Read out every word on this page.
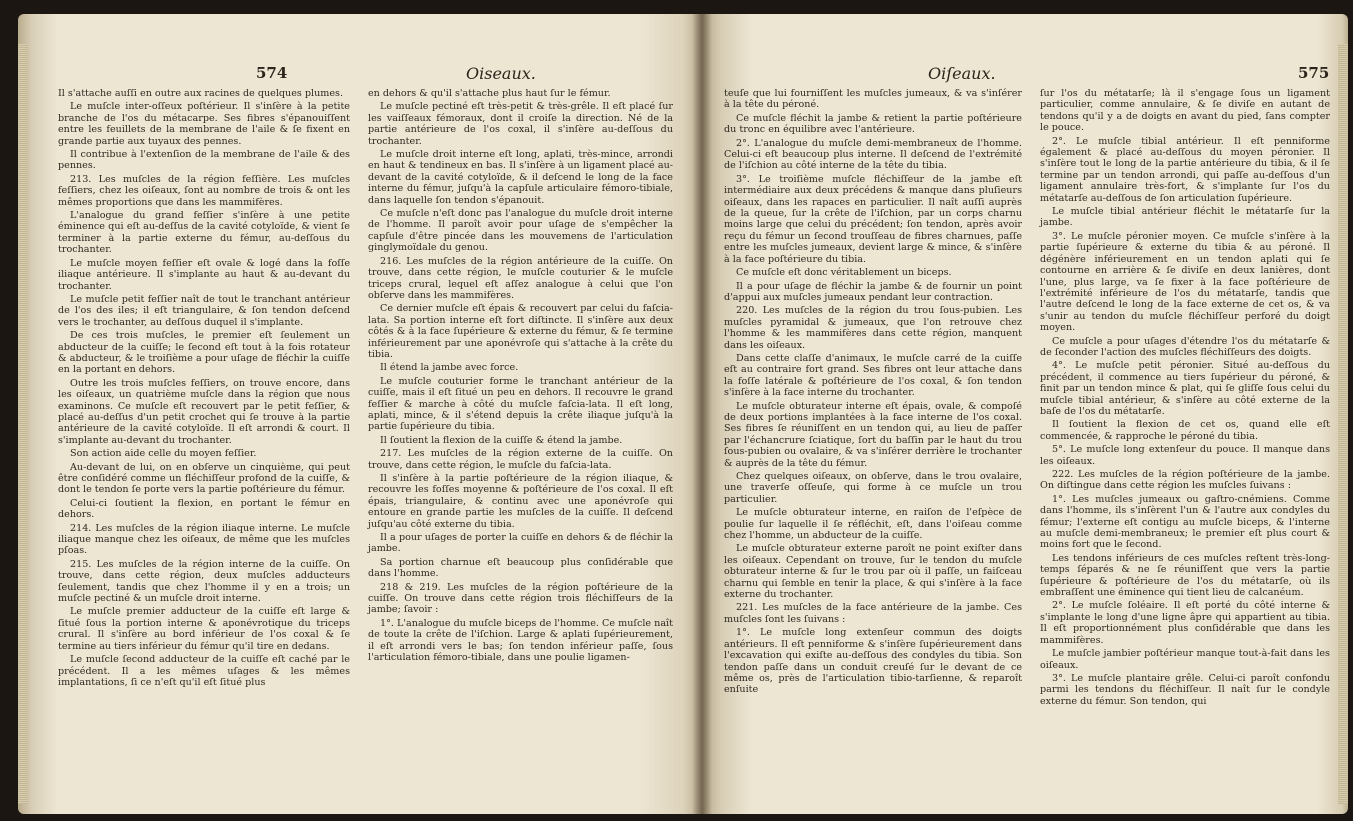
574	Oiseaux.

Il s'attache auſſi en outre aux racines de quelques plumes.

Le muſcle inter-oſſeux poſtérieur. Il s'inſère à la petite branche de l'os du métacarpe. Ses fibres s'épanouiſſent entre les feuillets de la membrane de l'aile & ſe fixent en grande partie aux tuyaux des pennes.

Il contribue à l'extenſion de la membrane de l'aile & des pennes.

213. Les muſcles de la région feſſière. Les muſcles feſſiers, chez les oiſeaux, ſont au nombre de trois & ont les mêmes proportions que dans les mammifères.

L'analogue du grand feſſier s'inſère à une petite éminence qui eſt au-deſſus de la cavité cotyloïde, & vient ſe terminer à la partie externe du fémur, au-deſſous du trochanter.

Le muſcle moyen feſſier eſt ovale & logé dans la foſſe iliaque antérieure. Il s'implante au haut & au-devant du trochanter.

Le muſcle petit feſſier naît de tout le tranchant antérieur de l'os des iles; il eſt triangulaire, & ſon tendon deſcend vers le trochanter, au deſſous duquel il s'implante.

De ces trois muſcles, le premier eſt ſeulement un abducteur de la cuiſſe; le ſecond eſt tout à la fois rotateur & abducteur, & le troiſième a pour uſage de fléchir la cuiſſe en la portant en dehors.

Outre les trois muſcles feſſiers, on trouve encore, dans les oiſeaux, un quatrième muſcle dans la région que nous examinons. Ce muſcle eſt recouvert par le petit feſſier, & placé au-deſſus d'un petit crochet qui ſe trouve à la partie antérieure de la cavité cotyloïde. Il eſt arrondi & court. Il s'implante au-devant du trochanter.

Son action aide celle du moyen feſſier.

Au-devant de lui, on en obſerve un cinquième, qui peut être conſidéré comme un fléchiſſeur profond de la cuiſſe, & dont le tendon ſe porte vers la partie poſtérieure du fémur.

Celui-ci ſoutient la flexion, en portant le fémur en dehors.

214. Les muſcles de la région iliaque interne. Le muſcle iliaque manque chez les oiſeaux, de même que les muſcles pſoas.

215. Les muſcles de la région interne de la cuiſſe. On trouve, dans cette région, deux muſcles adducteurs ſeulement, tandis que chez l'homme il y en a trois; un muſcle pectiné & un muſcle droit interne.

Le muſcle premier adducteur de la cuiſſe eſt large & ſitué ſous la portion interne & aponévrotique du triceps crural. Il s'inſère au bord inférieur de l'os coxal & ſe termine au tiers inférieur du fémur qu'il tire en dedans.

Le muſcle ſecond adducteur de la cuiſſe eſt caché par le précédent. Il a les mêmes uſages & les mêmes implantations, ſi ce n'eſt qu'il eſt ſitué plus

en dehors & qu'il s'attache plus haut ſur le fémur.

Le muſcle pectiné eſt très-petit & très-grêle. Il eſt placé ſur les vaiſſeaux fémoraux, dont il croiſe la direction. Né de la partie antérieure de l'os coxal, il s'inſère au-deſſous du trochanter.

Le muſcle droit interne eſt long, aplati, très-mince, arrondi en haut & tendineux en bas. Il s'inſère à un ligament placé au-devant de la cavité cotyloïde, & il deſcend le long de la face interne du fémur, juſqu'à la capſule articulaire fémoro-tibiale, dans laquelle ſon tendon s'épanouit.

Ce muſcle n'eſt donc pas l'analogue du muſcle droit interne de l'homme. Il paroît avoir pour uſage de s'empêcher la capſule d'être pincée dans les mouvemens de l'articulation ginglymoïdale du genou.

216. Les muſcles de la région antérieure de la cuiſſe. On trouve, dans cette région, le muſcle couturier & le muſcle triceps crural, lequel eſt aſſez analogue à celui que l'on obſerve dans les mammifères.

Ce dernier muſcle eſt épais & recouvert par celui du faſcia-lata. Sa portion interne eſt fort diſtincte. Il s'inſère aux deux côtés & à la face ſupérieure & externe du fémur, & ſe termine inférieurement par une aponévroſe qui s'attache à la crête du tibia.

Il étend la jambe avec force.

Le muſcle couturier forme le tranchant antérieur de la cuiſſe, mais il eſt ſitué un peu en dehors. Il recouvre le grand feſſier & marche à côté du muſcle faſcia-lata. Il eſt long, aplati, mince, & il s'étend depuis la crête iliaque juſqu'à la partie ſupérieure du tibia.

Il ſoutient la flexion de la cuiſſe & étend la jambe.

217. Les muſcles de la région externe de la cuiſſe. On trouve, dans cette région, le muſcle du faſcia-lata.

Il s'inſère à la partie poſtérieure de la région iliaque, & recouvre les foſſes moyenne & poſtérieure de l'os coxal. Il eſt épais, triangulaire, & continu avec une aponévroſe qui entoure en grande partie les muſcles de la cuiſſe. Il deſcend juſqu'au côté externe du tibia.

Il a pour uſages de porter la cuiſſe en dehors & de fléchir la jambe.

Sa portion charnue eſt beaucoup plus conſidérable que dans l'homme.

218 & 219. Les muſcles de la région poſtérieure de la cuiſſe. On trouve dans cette région trois fléchiſſeurs de la jambe; ſavoir :

1°. L'analogue du muſcle biceps de l'homme. Ce muſcle naît de toute la crête de l'iſchion. Large & aplati ſupérieurement, il eſt arrondi vers le bas; ſon tendon inférieur paſſe, ſous l'articulation fémoro-tibiale, dans une poulie ligamen-

Oiſeaux.	575

teuſe que lui fourniſſent les muſcles jumeaux, & va s'inſérer à la tête du péroné.

Ce muſcle fléchit la jambe & retient la partie poſtérieure du tronc en équilibre avec l'antérieure.

2°. L'analogue du muſcle demi-membraneux de l'homme. Celui-ci eſt beaucoup plus interne. Il deſcend de l'extrémité de l'iſchion au côté interne de la tête du tibia.

3°. Le troiſième muſcle fléchiſſeur de la jambe eſt intermédiaire aux deux précédens & manque dans pluſieurs oiſeaux, dans les rapaces en particulier. Il naît auſſi auprès de la queue, ſur la crête de l'iſchion, par un corps charnu moins large que celui du précédent; ſon tendon, après avoir reçu du fémur un ſecond trouſſeau de fibres charnues, paſſe entre les muſcles jumeaux, devient large & mince, & s'inſère à la face poſtérieure du tibia.

Ce muſcle eſt donc véritablement un biceps.

Il a pour uſage de fléchir la jambe & de fournir un point d'appui aux muſcles jumeaux pendant leur contraction.

220. Les muſcles de la région du trou ſous-pubien. Les muſcles pyramidal & jumeaux, que l'on retrouve chez l'homme & les mammifères dans cette région, manquent dans les oiſeaux.

Dans cette claſſe d'animaux, le muſcle carré de la cuiſſe eſt au contraire fort grand. Ses fibres ont leur attache dans la foſſe latérale & poſtérieure de l'os coxal, & ſon tendon s'inſère à la face interne du trochanter.

Le muſcle obturateur interne eſt épais, ovale, & compoſé de deux portions implantées à la face interne de l'os coxal. Ses fibres ſe réuniſſent en un tendon qui, au lieu de paſſer par l'échancrure ſciatique, ſort du baſſin par le haut du trou ſous-pubien ou ovalaire, & va s'inſérer derrière le trochanter & auprès de la tête du fémur.

Chez quelques oiſeaux, on obſerve, dans le trou ovalaire, une traverſe oſſeuſe, qui forme à ce muſcle un trou particulier.

Le muſcle obturateur interne, en raiſon de l'eſpèce de poulie ſur laquelle il ſe réfléchit, eſt, dans l'oiſeau comme chez l'homme, un abducteur de la cuiſſe.

Le muſcle obturateur externe paroît ne point exiſter dans les oiſeaux. Cependant on trouve, ſur le tendon du muſcle obturateur interne & ſur le trou par où il paſſe, un faiſceau charnu qui ſemble en tenir la place, & qui s'inſère à la face externe du trochanter.

221. Les muſcles de la face antérieure de la jambe. Ces muſcles ſont les ſuivans :

1°. Le muſcle long extenſeur commun des doigts antérieurs. Il eſt penniforme & s'inſère ſupérieurement dans l'excavation qui exiſte au-deſſous des condyles du tibia. Son tendon paſſe dans un conduit creuſé ſur le devant de ce même os, près de l'articulation tibio-tarſienne, & reparoît enſuite

ſur l'os du métatarſe; là il s'engage ſous un ligament particulier, comme annulaire, & ſe diviſe en autant de tendons qu'il y a de doigts en avant du pied, ſans compter le pouce.

2°. Le muſcle tibial antérieur. Il eſt penniforme également & placé au-deſſous du moyen péronier. Il s'inſère tout le long de la partie antérieure du tibia, & il ſe termine par un tendon arrondi, qui paſſe au-deſſous d'un ligament annulaire très-fort, & s'implante ſur l'os du métatarſe au-deſſous de ſon articulation ſupérieure.

Le muſcle tibial antérieur fléchit le métatarſe ſur la jambe.

3°. Le muſcle péronier moyen. Ce muſcle s'inſère à la partie ſupérieure & externe du tibia & au péroné. Il dégénère inférieurement en un tendon aplati qui ſe contourne en arrière & ſe diviſe en deux lanières, dont l'une, plus large, va ſe fixer à la face poſtérieure de l'extrémité inférieure de l'os du métatarſe, tandis que l'autre deſcend le long de la face externe de cet os, & va s'unir au tendon du muſcle fléchiſſeur perforé du doigt moyen.

Ce muſcle a pour uſages d'étendre l'os du métatarſe & de ſeconder l'action des muſcles fléchiſſeurs des doigts.

4°. Le muſcle petit péronier. Situé au-deſſous du précédent, il commence au tiers ſupérieur du péroné, & finit par un tendon mince & plat, qui ſe gliſſe ſous celui du muſcle tibial antérieur, & s'inſère au côté externe de la baſe de l'os du métatarſe.

Il ſoutient la flexion de cet os, quand elle eſt commencée, & rapproche le péroné du tibia.

5°. Le muſcle long extenſeur du pouce. Il manque dans les oiſeaux.

222. Les muſcles de la région poſtérieure de la jambe. On diſtingue dans cette région les muſcles ſuivans :

1°. Les muſcles jumeaux ou gaſtro-cnémiens. Comme dans l'homme, ils s'inſèrent l'un & l'autre aux condyles du fémur; l'externe eſt contigu au muſcle biceps, & l'interne au muſcle demi-membraneux; le premier eſt plus court & moins fort que le ſecond.

Les tendons inférieurs de ces muſcles reſtent très-long-temps ſéparés & ne ſe réuniſſent que vers la partie ſupérieure & poſtérieure de l'os du métatarſe, où ils embraſſent une éminence qui tient lieu de calcanéum.

2°. Le muſcle ſoléaire. Il eſt porté du côté interne & s'implante le long d'une ligne âpre qui appartient au tibia. Il eſt proportionnément plus conſidérable que dans les mammifères.

Le muſcle jambier poſtérieur manque tout-à-fait dans les oiſeaux.

3°. Le muſcle plantaire grêle. Celui-ci paroît confondu parmi les tendons du fléchiſſeur. Il naît ſur le condyle externe du fémur. Son tendon, qui
